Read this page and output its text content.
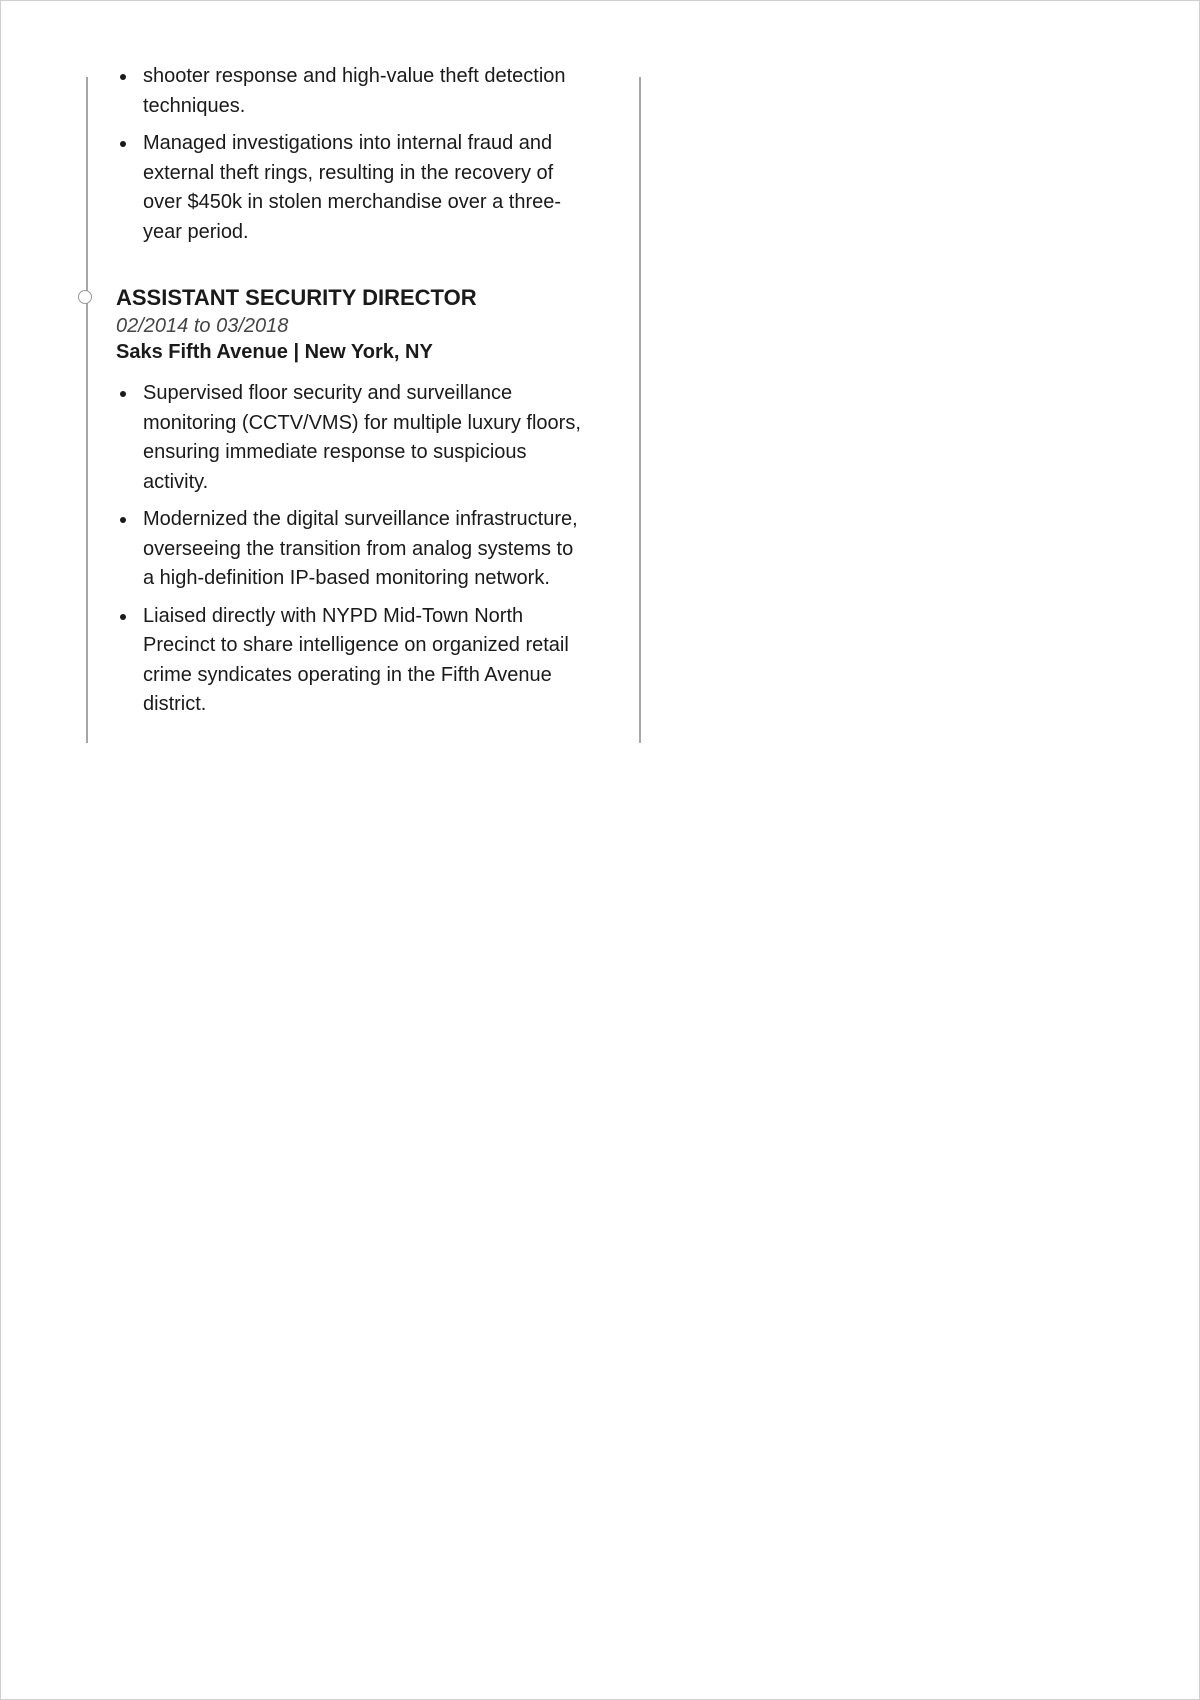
shooter response and high-value theft detection techniques.
Managed investigations into internal fraud and external theft rings, resulting in the recovery of over $450k in stolen merchandise over a three-year period.
ASSISTANT SECURITY DIRECTOR
02/2014 to 03/2018
Saks Fifth Avenue | New York, NY
Supervised floor security and surveillance monitoring (CCTV/VMS) for multiple luxury floors, ensuring immediate response to suspicious activity.
Modernized the digital surveillance infrastructure, overseeing the transition from analog systems to a high-definition IP-based monitoring network.
Liaised directly with NYPD Mid-Town North Precinct to share intelligence on organized retail crime syndicates operating in the Fifth Avenue district.
